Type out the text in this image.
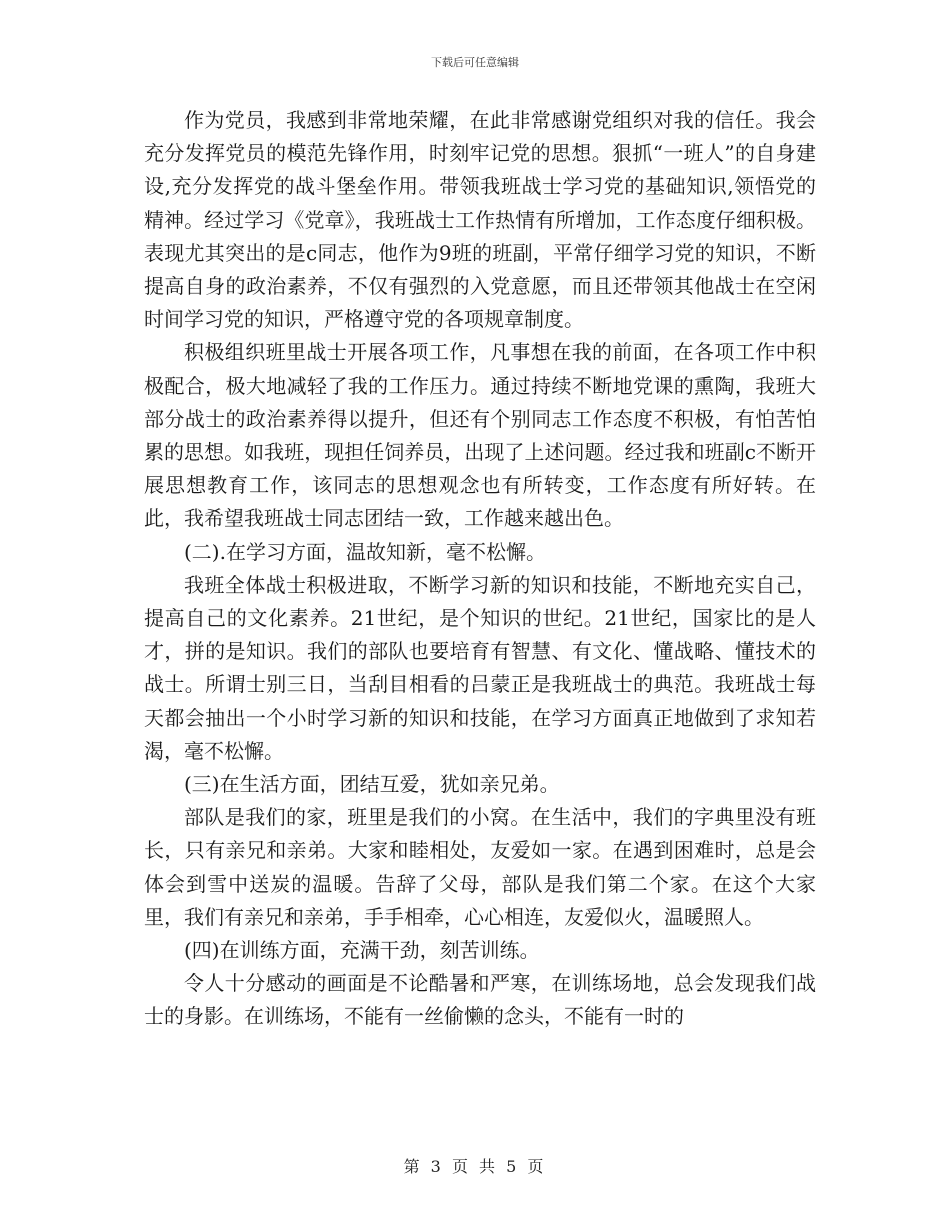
下载后可任意编辑

作为党员，我感到非常地荣耀，在此非常感谢党组织对我的信任。我会充分发挥党员的模范先锋作用，时刻牢记党的思想。狠抓“一班人”的自身建设,充分发挥党的战斗堡垒作用。带领我班战士学习党的基础知识,领悟党的精神。经过学习《党章》，我班战士工作热情有所增加，工作态度仔细积极。表现尤其突出的是c同志，他作为9班的班副，平常仔细学习党的知识，不断提高自身的政治素养，不仅有强烈的入党意愿，而且还带领其他战士在空闲时间学习党的知识，严格遵守党的各项规章制度。

积极组织班里战士开展各项工作，凡事想在我的前面，在各项工作中积极配合，极大地减轻了我的工作压力。通过持续不断地党课的熏陶，我班大部分战士的政治素养得以提升，但还有个别同志工作态度不积极，有怕苦怕累的思想。如我班，现担任饲养员，出现了上述问题。经过我和班副c不断开展思想教育工作，该同志的思想观念也有所转变，工作态度有所好转。在此，我希望我班战士同志团结一致，工作越来越出色。

(二).在学习方面，温故知新，毫不松懈。

我班全体战士积极进取，不断学习新的知识和技能，不断地充实自己，提高自己的文化素养。21世纪，是个知识的世纪。21世纪，国家比的是人才，拼的是知识。我们的部队也要培育有智慧、有文化、懂战略、懂技术的战士。所谓士别三日，当刮目相看的吕蒙正是我班战士的典范。我班战士每天都会抽出一个小时学习新的知识和技能，在学习方面真正地做到了求知若渴，毫不松懈。

(三)在生活方面，团结互爱，犹如亲兄弟。

部队是我们的家，班里是我们的小窝。在生活中，我们的字典里没有班长，只有亲兄和亲弟。大家和睦相处，友爱如一家。在遇到困难时，总是会体会到雪中送炭的温暖。告辞了父母，部队是我们第二个家。在这个大家里，我们有亲兄和亲弟，手手相牵，心心相连，友爱似火，温暖照人。

(四)在训练方面，充满干劲，刻苦训练。

令人十分感动的画面是不论酷暑和严寒，在训练场地，总会发现我们战士的身影。在训练场，不能有一丝偷懒的念头，不能有一时的

第 3 页 共 5 页
